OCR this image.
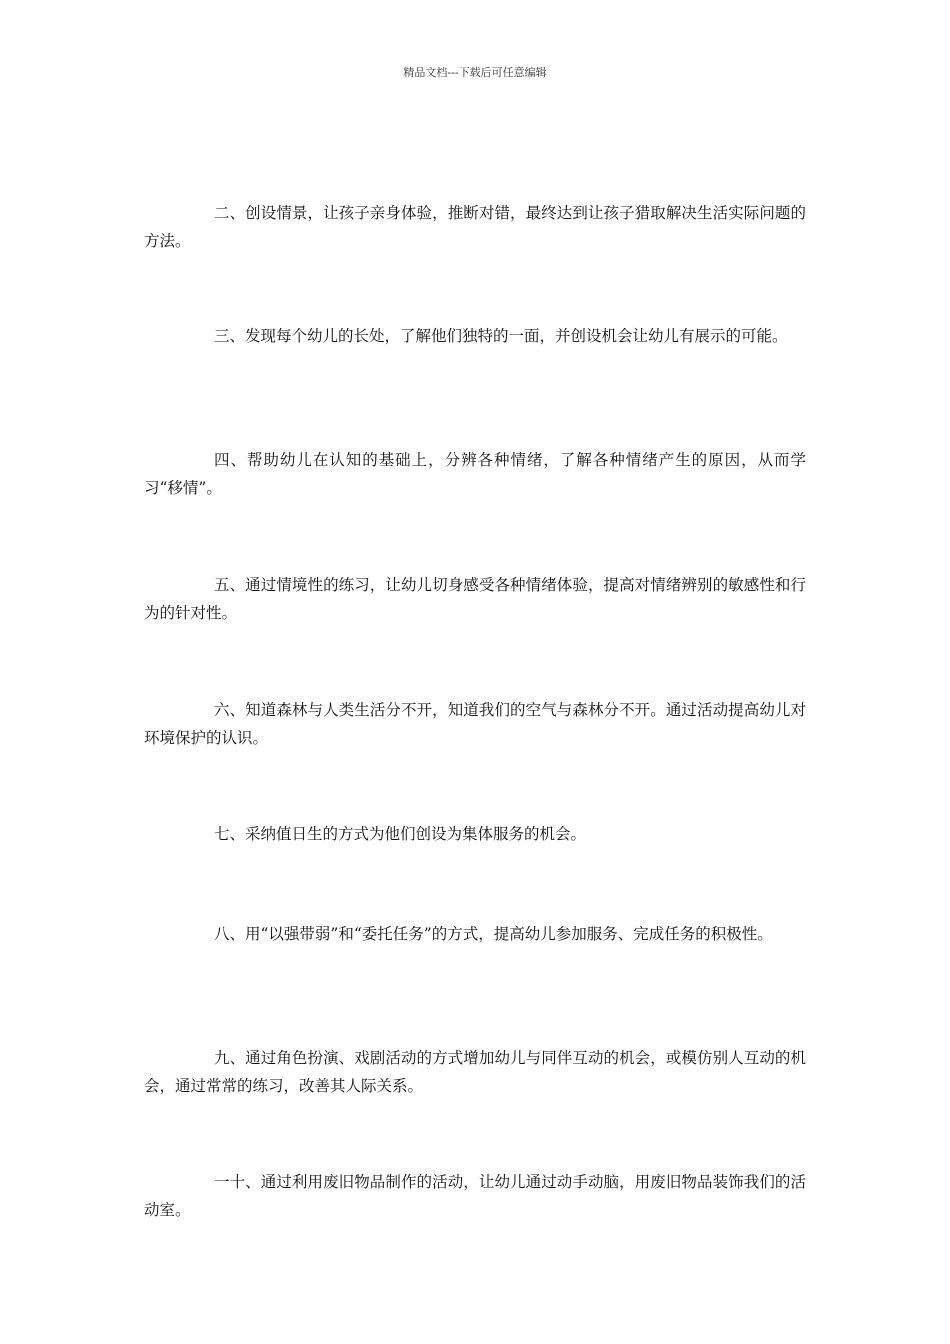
精品文档---下载后可任意编辑

二、创设情景，让孩子亲身体验，推断对错，最终达到让孩子猎取解决生活实际问题的方法。

三、发现每个幼儿的长处，了解他们独特的一面，并创设机会让幼儿有展示的可能。

四、帮助幼儿在认知的基础上，分辨各种情绪，了解各种情绪产生的原因，从而学习“移情”。

五、通过情境性的练习，让幼儿切身感受各种情绪体验，提高对情绪辨别的敏感性和行为的针对性。

六、知道森林与人类生活分不开，知道我们的空气与森林分不开。通过活动提高幼儿对环境保护的认识。

七、采纳值日生的方式为他们创设为集体服务的机会。

八、用“以强带弱”和“委托任务”的方式，提高幼儿参加服务、完成任务的积极性。

九、通过角色扮演、戏剧活动的方式增加幼儿与同伴互动的机会，或模仿别人互动的机会，通过常常的练习，改善其人际关系。

一十、通过利用废旧物品制作的活动，让幼儿通过动手动脑，用废旧物品装饰我们的活动室。
